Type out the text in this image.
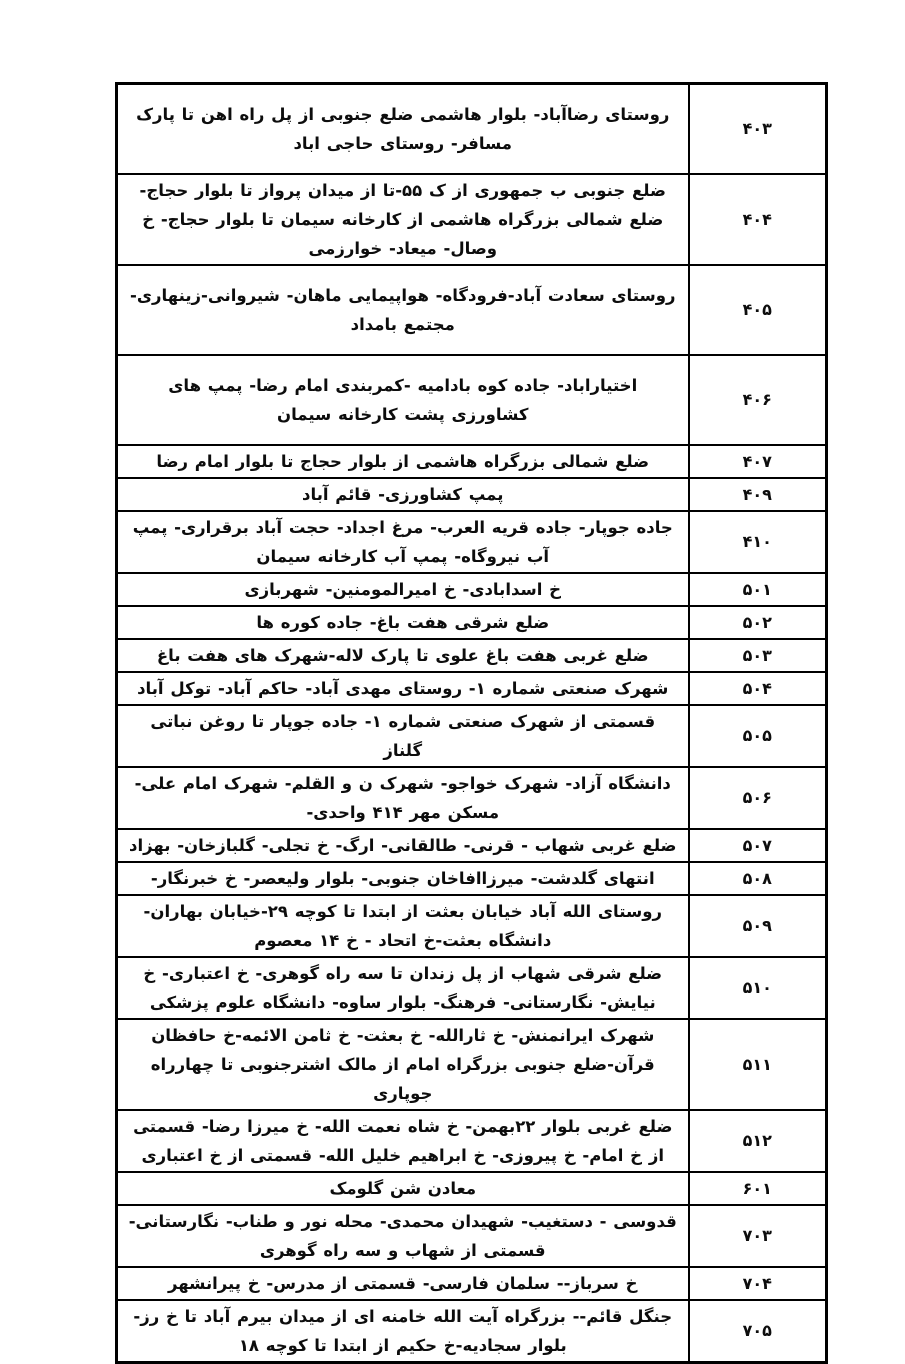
۴۰۳	روستای رضاآباد- بلوار هاشمی ضلع جنوبی از پل راه اهن تا پارک مسافر- روستای حاجی اباد
۴۰۴	ضلع جنوبی ب جمهوری از ک ۵۵-تا از میدان پرواز تا بلوار حجاج- ضلع شمالی بزرگراه هاشمی از کارخانه سیمان تا بلوار حجاج- خ وصال- میعاد- خوارزمی
۴۰۵	روستای سعادت آباد-فرودگاه- هواپیمایی ماهان- شیروانی-زینهاری- مجتمع بامداد
۴۰۶	اختیاراباد- جاده کوه بادامیه -کمربندی امام رضا- پمپ های کشاورزی پشت کارخانه سیمان
۴۰۷	ضلع شمالی بزرگراه هاشمی از بلوار حجاج تا بلوار امام رضا
۴۰۹	پمپ کشاورزی- قائم آباد
۴۱۰	جاده جوپار- جاده قریه العرب- مرغ اجداد- حجت آباد برقراری- پمپ آب نیروگاه- پمپ آب کارخانه سیمان
۵۰۱	خ اسدابادی- خ امیرالمومنین- شهربازی
۵۰۲	ضلع شرقی هفت باغ- جاده کوره ها
۵۰۳	ضلع غربی هفت باغ علوی تا پارک لاله-شهرک های هفت باغ
۵۰۴	شهرک صنعتی شماره ۱- روستای مهدی آباد- حاکم آباد- توکل آباد
۵۰۵	قسمتی از شهرک صنعتی شماره ۱- جاده جوپار تا روغن نباتی گلناز
۵۰۶	دانشگاه آزاد- شهرک خواجو- شهرک ن و القلم- شهرک امام علی- مسکن مهر ۴۱۴ واحدی-
۵۰۷	ضلع غربی شهاب - قرنی- طالقانی- ارگ- خ تجلی- گلبازخان- بهزاد
۵۰۸	انتهای گلدشت- میرزاافاخان جنوبی- بلوار ولیعصر- خ خبرنگار-
۵۰۹	روستای الله آباد خیابان بعثت از ابتدا تا کوچه ۲۹-خیابان بهاران- دانشگاه بعثت-خ اتحاد - خ ۱۴ معصوم
۵۱۰	ضلع شرقی شهاب از پل زندان تا سه راه گوهری- خ اعتباری- خ نیایش- نگارستانی- فرهنگ- بلوار ساوه- دانشگاه علوم پزشکی
۵۱۱	شهرک ایرانمنش- خ ثارالله- خ بعثت- خ ثامن الائمه-خ حافظان قرآن-ضلع جنوبی بزرگراه امام از مالک اشترجنوبی تا چهارراه جوپاری
۵۱۲	ضلع غربی بلوار ۲۲بهمن- خ شاه نعمت الله- خ میرزا رضا- قسمتی از خ امام- خ پیروزی- خ ابراهیم خلیل الله- قسمتی از خ اعتباری
۶۰۱	معادن شن گلومک
۷۰۳	قدوسی - دستغیب- شهیدان محمدی- محله نور و طناب- نگارستانی- قسمتی از شهاب و سه راه گوهری
۷۰۴	خ سرباز-- سلمان فارسی- قسمتی از مدرس- خ پیرانشهر
۷۰۵	جنگل قائم-- بزرگراه آیت الله خامنه ای از میدان بیرم آباد تا خ رز-بلوار سجادیه-خ حکیم از ابتدا تا کوچه ۱۸
